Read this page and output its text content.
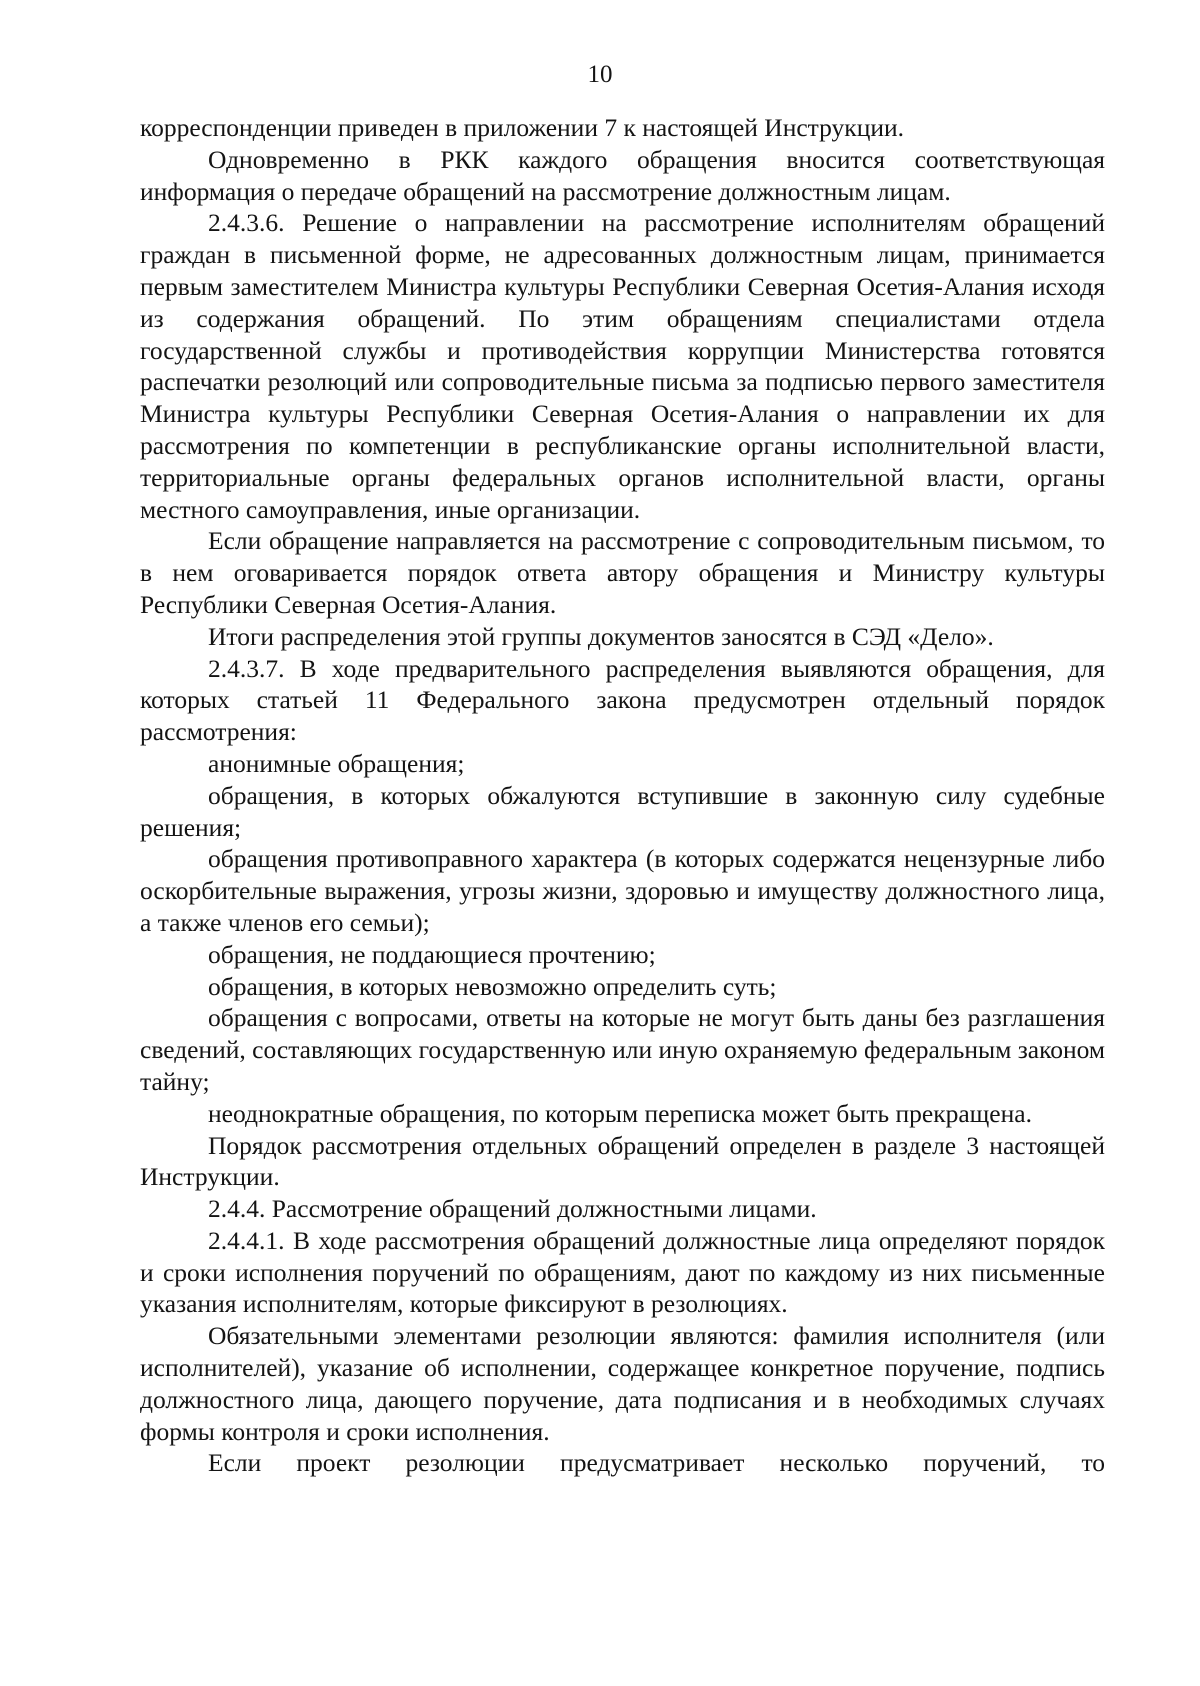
10

корреспонденции приведен в приложении 7 к настоящей Инструкции.

Одновременно в РКК каждого обращения вносится соответствующая информация о передаче обращений на рассмотрение должностным лицам.

2.4.3.6. Решение о направлении на рассмотрение исполнителям обращений граждан в письменной форме, не адресованных должностным лицам, принимается первым заместителем Министра культуры Республики Северная Осетия-Алания исходя из содержания обращений. По этим обращениям специалистами отдела государственной службы и противодействия коррупции Министерства готовятся распечатки резолюций или сопроводительные письма за подписью первого заместителя Министра культуры Республики Северная Осетия-Алания о направлении их для рассмотрения по компетенции в республиканские органы исполнительной власти, территориальные органы федеральных органов исполнительной власти, органы местного самоуправления, иные организации.

Если обращение направляется на рассмотрение с сопроводительным письмом, то в нем оговаривается порядок ответа автору обращения и Министру культуры Республики Северная Осетия-Алания.

Итоги распределения этой группы документов заносятся в СЭД «Дело».

2.4.3.7. В ходе предварительного распределения выявляются обращения, для которых статьей 11 Федерального закона предусмотрен отдельный порядок рассмотрения:

анонимные обращения;

обращения, в которых обжалуются вступившие в законную силу судебные решения;

обращения противоправного характера (в которых содержатся нецензурные либо оскорбительные выражения, угрозы жизни, здоровью и имуществу должностного лица, а также членов его семьи);

обращения, не поддающиеся прочтению;

обращения, в которых невозможно определить суть;

обращения с вопросами, ответы на которые не могут быть даны без разглашения сведений, составляющих государственную или иную охраняемую федеральным законом тайну;

неоднократные обращения, по которым переписка может быть прекращена.

Порядок рассмотрения отдельных обращений определен в разделе 3 настоящей Инструкции.

2.4.4. Рассмотрение обращений должностными лицами.

2.4.4.1. В ходе рассмотрения обращений должностные лица определяют порядок и сроки исполнения поручений по обращениям, дают по каждому из них письменные указания исполнителям, которые фиксируют в резолюциях.

Обязательными элементами резолюции являются: фамилия исполнителя (или исполнителей), указание об исполнении, содержащее конкретное поручение, подпись должностного лица, дающего поручение, дата подписания и в необходимых случаях формы контроля и сроки исполнения.

Если проект резолюции предусматривает несколько поручений, то
